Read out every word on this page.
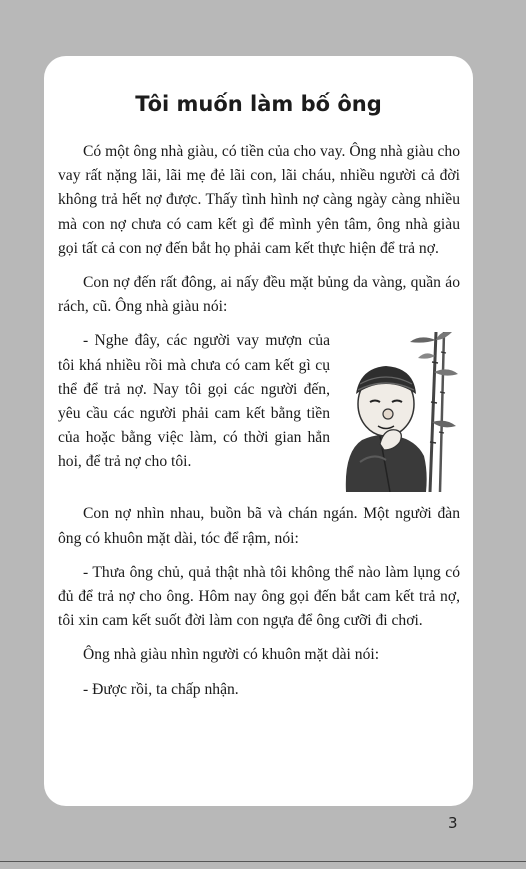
Tôi muốn làm bố ông

Có một ông nhà giàu, có tiền của cho vay. Ông nhà giàu cho vay rất nặng lãi, lãi mẹ đẻ lãi con, lãi cháu, nhiều người cả đời không trả hết nợ được. Thấy tình hình nợ càng ngày càng nhiều mà con nợ chưa có cam kết gì để mình yên tâm, ông nhà giàu gọi tất cả con nợ đến bắt họ phải cam kết thực hiện để trả nợ.

Con nợ đến rất đông, ai nấy đều mặt bủng da vàng, quần áo rách, cũ. Ông nhà giàu nói:

- Nghe đây, các người vay mượn của tôi khá nhiều rồi mà chưa có cam kết gì cụ thể để trả nợ. Nay tôi gọi các người đến, yêu cầu các người phải cam kết bằng tiền của hoặc bằng việc làm, có thời gian hẳn hoi, để trả nợ cho tôi.

Con nợ nhìn nhau, buồn bã và chán ngán. Một người đàn ông có khuôn mặt dài, tóc để rậm, nói:

- Thưa ông chủ, quả thật nhà tôi không thể nào làm lụng có đủ để trả nợ cho ông. Hôm nay ông gọi đến bắt cam kết trả nợ, tôi xin cam kết suốt đời làm con ngựa để ông cưỡi đi chơi.

Ông nhà giàu nhìn người có khuôn mặt dài nói:

- Được rồi, ta chấp nhận.

3
